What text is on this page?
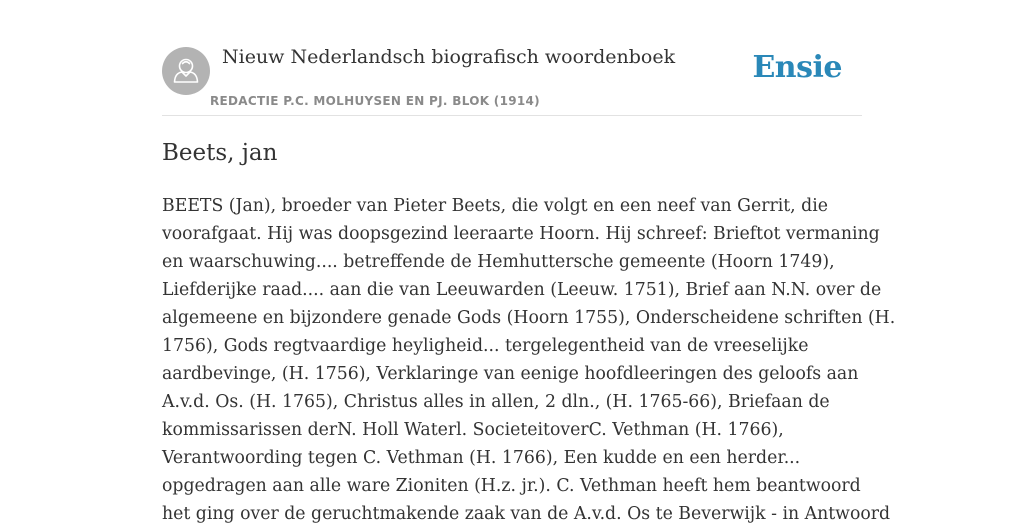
Nieuw Nederlandsch biografisch woordenboek
REDACTIE P.C. MOLHUYSEN EN PJ. BLOK (1914)
Ensie
Beets, jan

BEETS (Jan), broeder van Pieter Beets, die volgt en een neef van Gerrit, die
voorafgaat. Hij was doopsgezind leeraarte Hoorn. Hij schreef: Brieftot vermaning
en waarschuwing.... betreffende de Hemhuttersche gemeente (Hoorn 1749),
Liefderijke raad.... aan die van Leeuwarden (Leeuw. 1751), Brief aan N.N. over de
algemeene en bijzondere genade Gods (Hoorn 1755), Onderscheidene schriften (H.
1756), Gods regtvaardige heyligheid... tergelegentheid van de vreeselijke
aardbevinge, (H. 1756), Verklaringe van eenige hoofdleeringen des geloofs aan
A.v.d. Os. (H. 1765), Christus alles in allen, 2 dln., (H. 1765-66), Briefaan de
kommissarissen derN. Holl Waterl. SocieteitoverC. Vethman (H. 1766),
Verantwoording tegen C. Vethman (H. 1766), Een kudde en een herder...
opgedragen aan alle ware Zioniten (H.z. jr.). C. Vethman heeft hem beantwoord
het ging over de geruchtmakende zaak van de A.v.d. Os te Beverwijk - in Antwoord
